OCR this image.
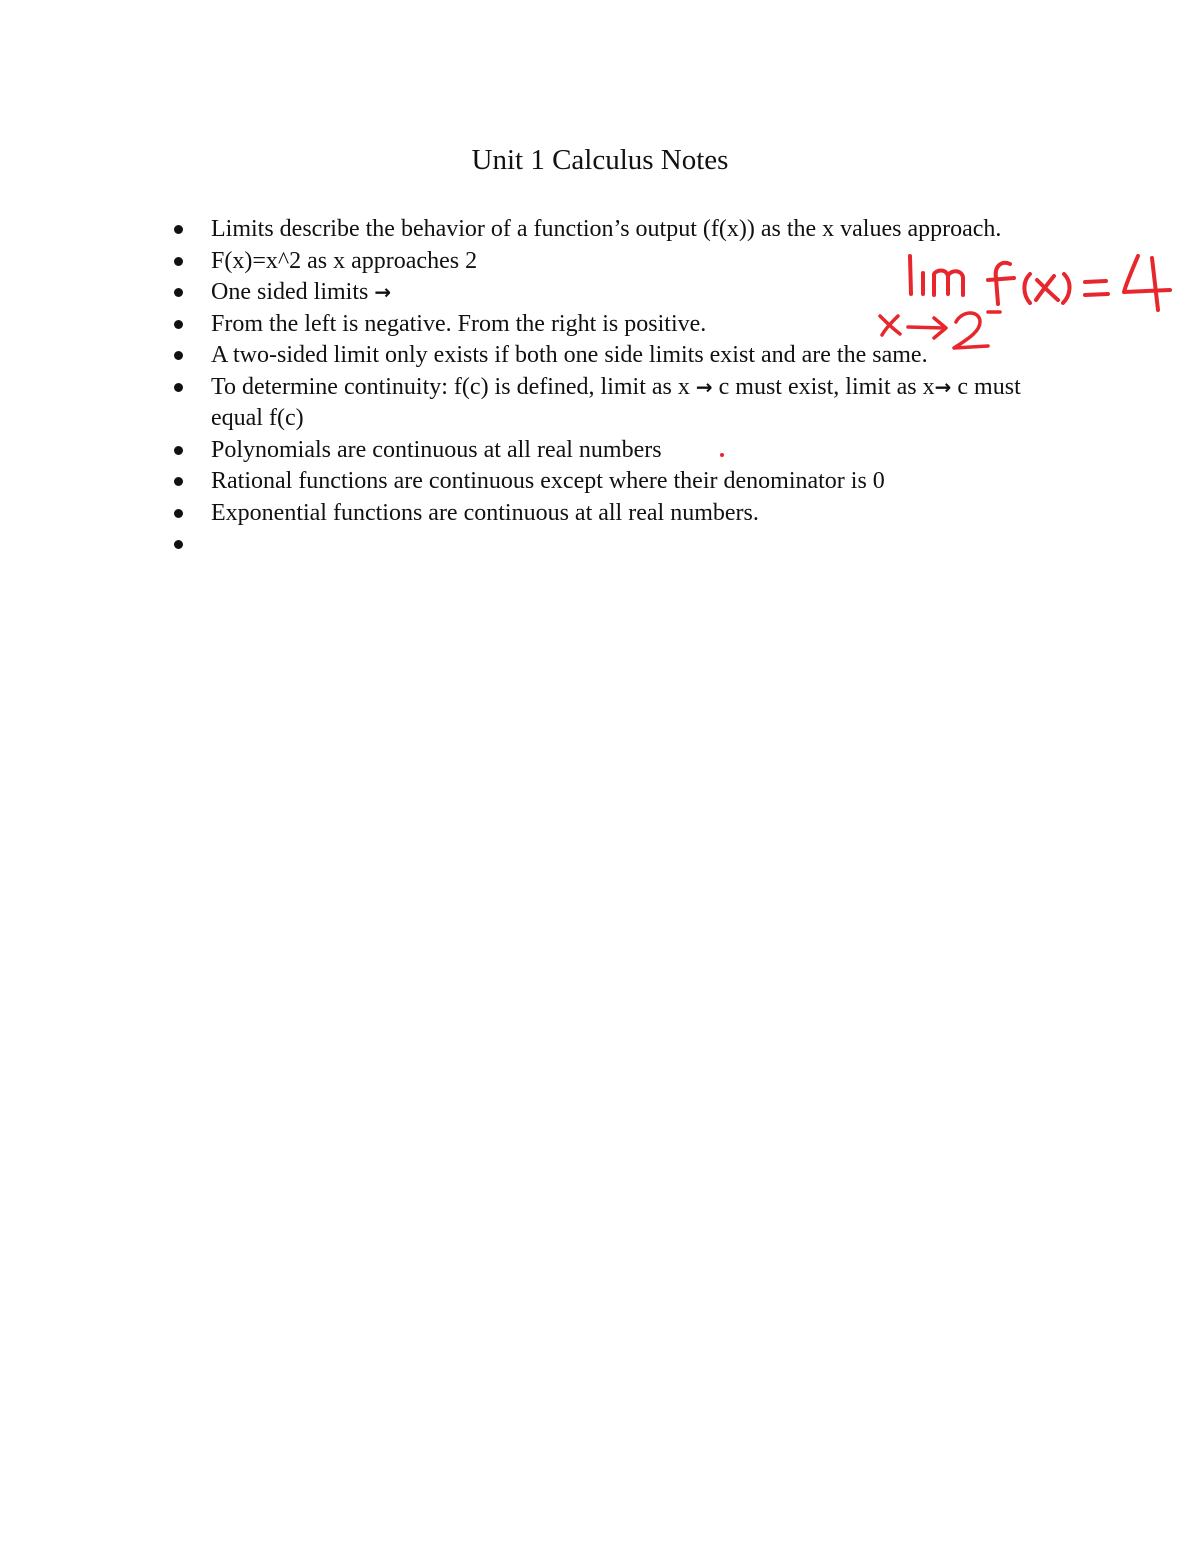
Unit 1 Calculus Notes
Limits describe the behavior of a function’s output (f(x)) as the x values approach.
F(x)=x^2 as x approaches 2
One sided limits →
From the left is negative. From the right is positive.
A two-sided limit only exists if both one side limits exist and are the same.
To determine continuity: f(c) is defined, limit as x → c must exist, limit as x→ c must equal f(c)
Polynomials are continuous at all real numbers
Rational functions are continuous except where their denominator is 0
Exponential functions are continuous at all real numbers.
